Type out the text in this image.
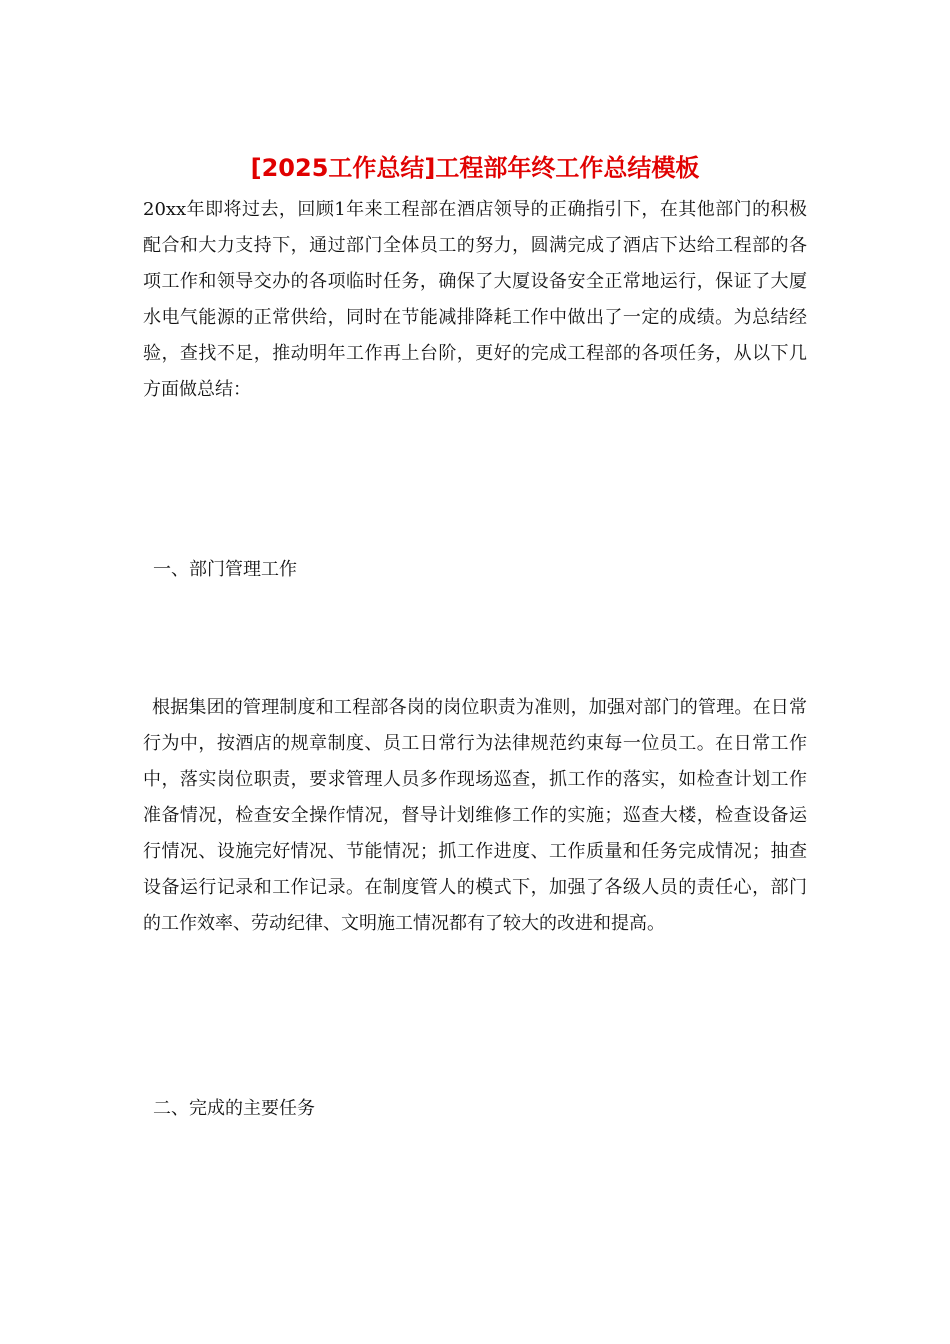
[2025工作总结]工程部年终工作总结模板

20xx年即将过去，回顾1年来工程部在酒店领导的正确指引下，在其他部门的积极配合和大力支持下，通过部门全体员工的努力，圆满完成了酒店下达给工程部的各项工作和领导交办的各项临时任务，确保了大厦设备安全正常地运行，保证了大厦水电气能源的正常供给，同时在节能减排降耗工作中做出了一定的成绩。为总结经验，查找不足，推动明年工作再上台阶，更好的完成工程部的各项任务，从以下几方面做总结：

一、部门管理工作

根据集团的管理制度和工程部各岗的岗位职责为准则，加强对部门的管理。在日常行为中，按酒店的规章制度、员工日常行为法律规范约束每一位员工。在日常工作中，落实岗位职责，要求管理人员多作现场巡查，抓工作的落实，如检查计划工作准备情况，检查安全操作情况，督导计划维修工作的实施；巡查大楼，检查设备运行情况、设施完好情况、节能情况；抓工作进度、工作质量和任务完成情况；抽查设备运行记录和工作记录。在制度管人的模式下，加强了各级人员的责任心，部门的工作效率、劳动纪律、文明施工情况都有了较大的改进和提高。

二、完成的主要任务
